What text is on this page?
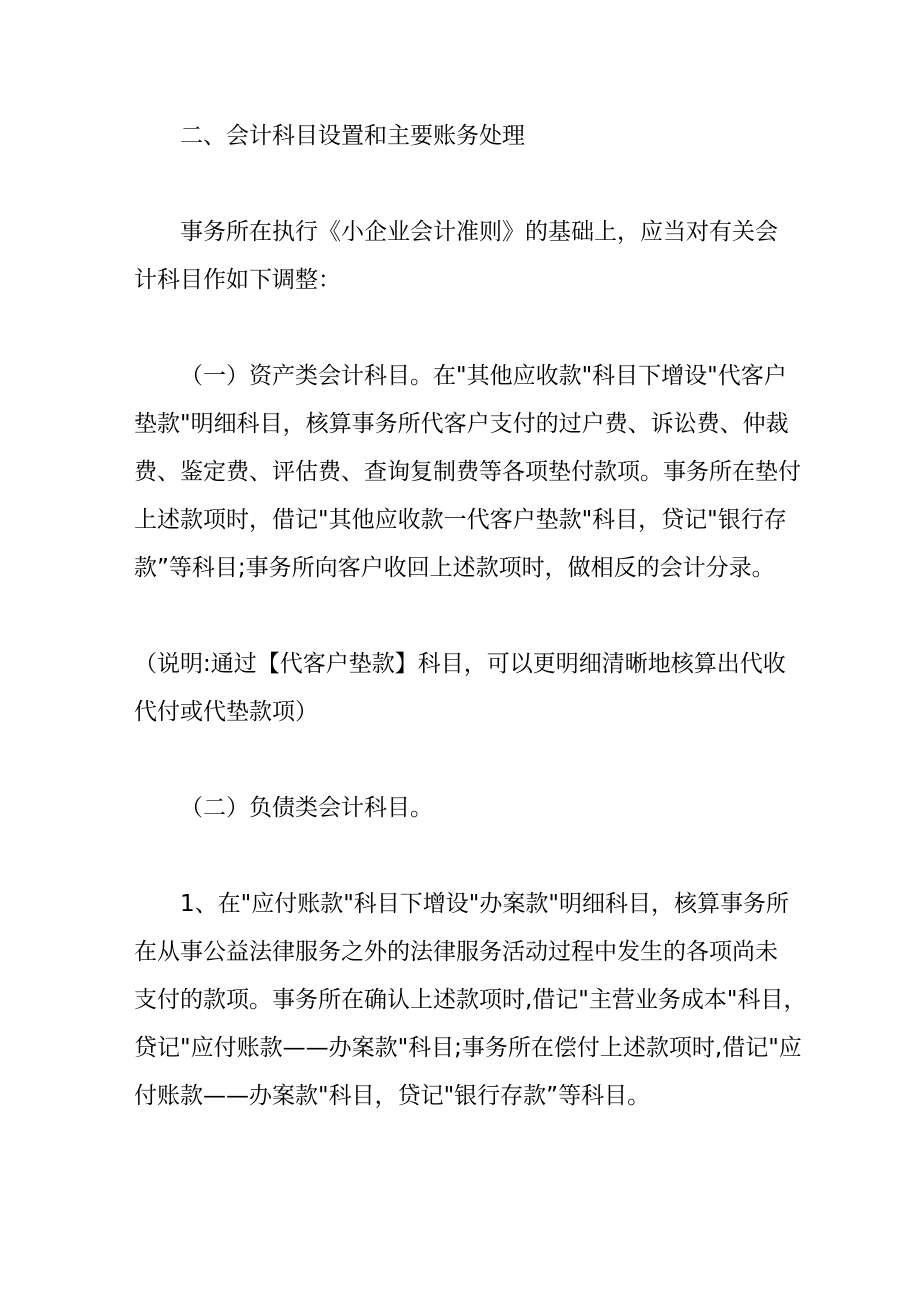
二、会计科目设置和主要账务处理

事务所在执行《小企业会计准则》的基础上，应当对有关会
计科目作如下调整：

（一）资产类会计科目。在"其他应收款"科目下增设"代客户
垫款"明细科目，核算事务所代客户支付的过户费、诉讼费、仲裁
费、鉴定费、评估费、查询复制费等各项垫付款项。事务所在垫付
上述款项时，借记"其他应收款一代客户垫款"科目，贷记"银行存
款”等科目;事务所向客户收回上述款项时，做相反的会计分录。

（说明:通过【代客户垫款】科目，可以更明细清晰地核算出代收
代付或代垫款项）

（二）负债类会计科目。

1、在"应付账款"科目下增设"办案款"明细科目，核算事务所
在从事公益法律服务之外的法律服务活动过程中发生的各项尚未
支付的款项。事务所在确认上述款项时,借记"主营业务成本"科目，
贷记"应付账款——办案款"科目;事务所在偿付上述款项时,借记"应
付账款——办案款"科目，贷记"银行存款”等科目。
